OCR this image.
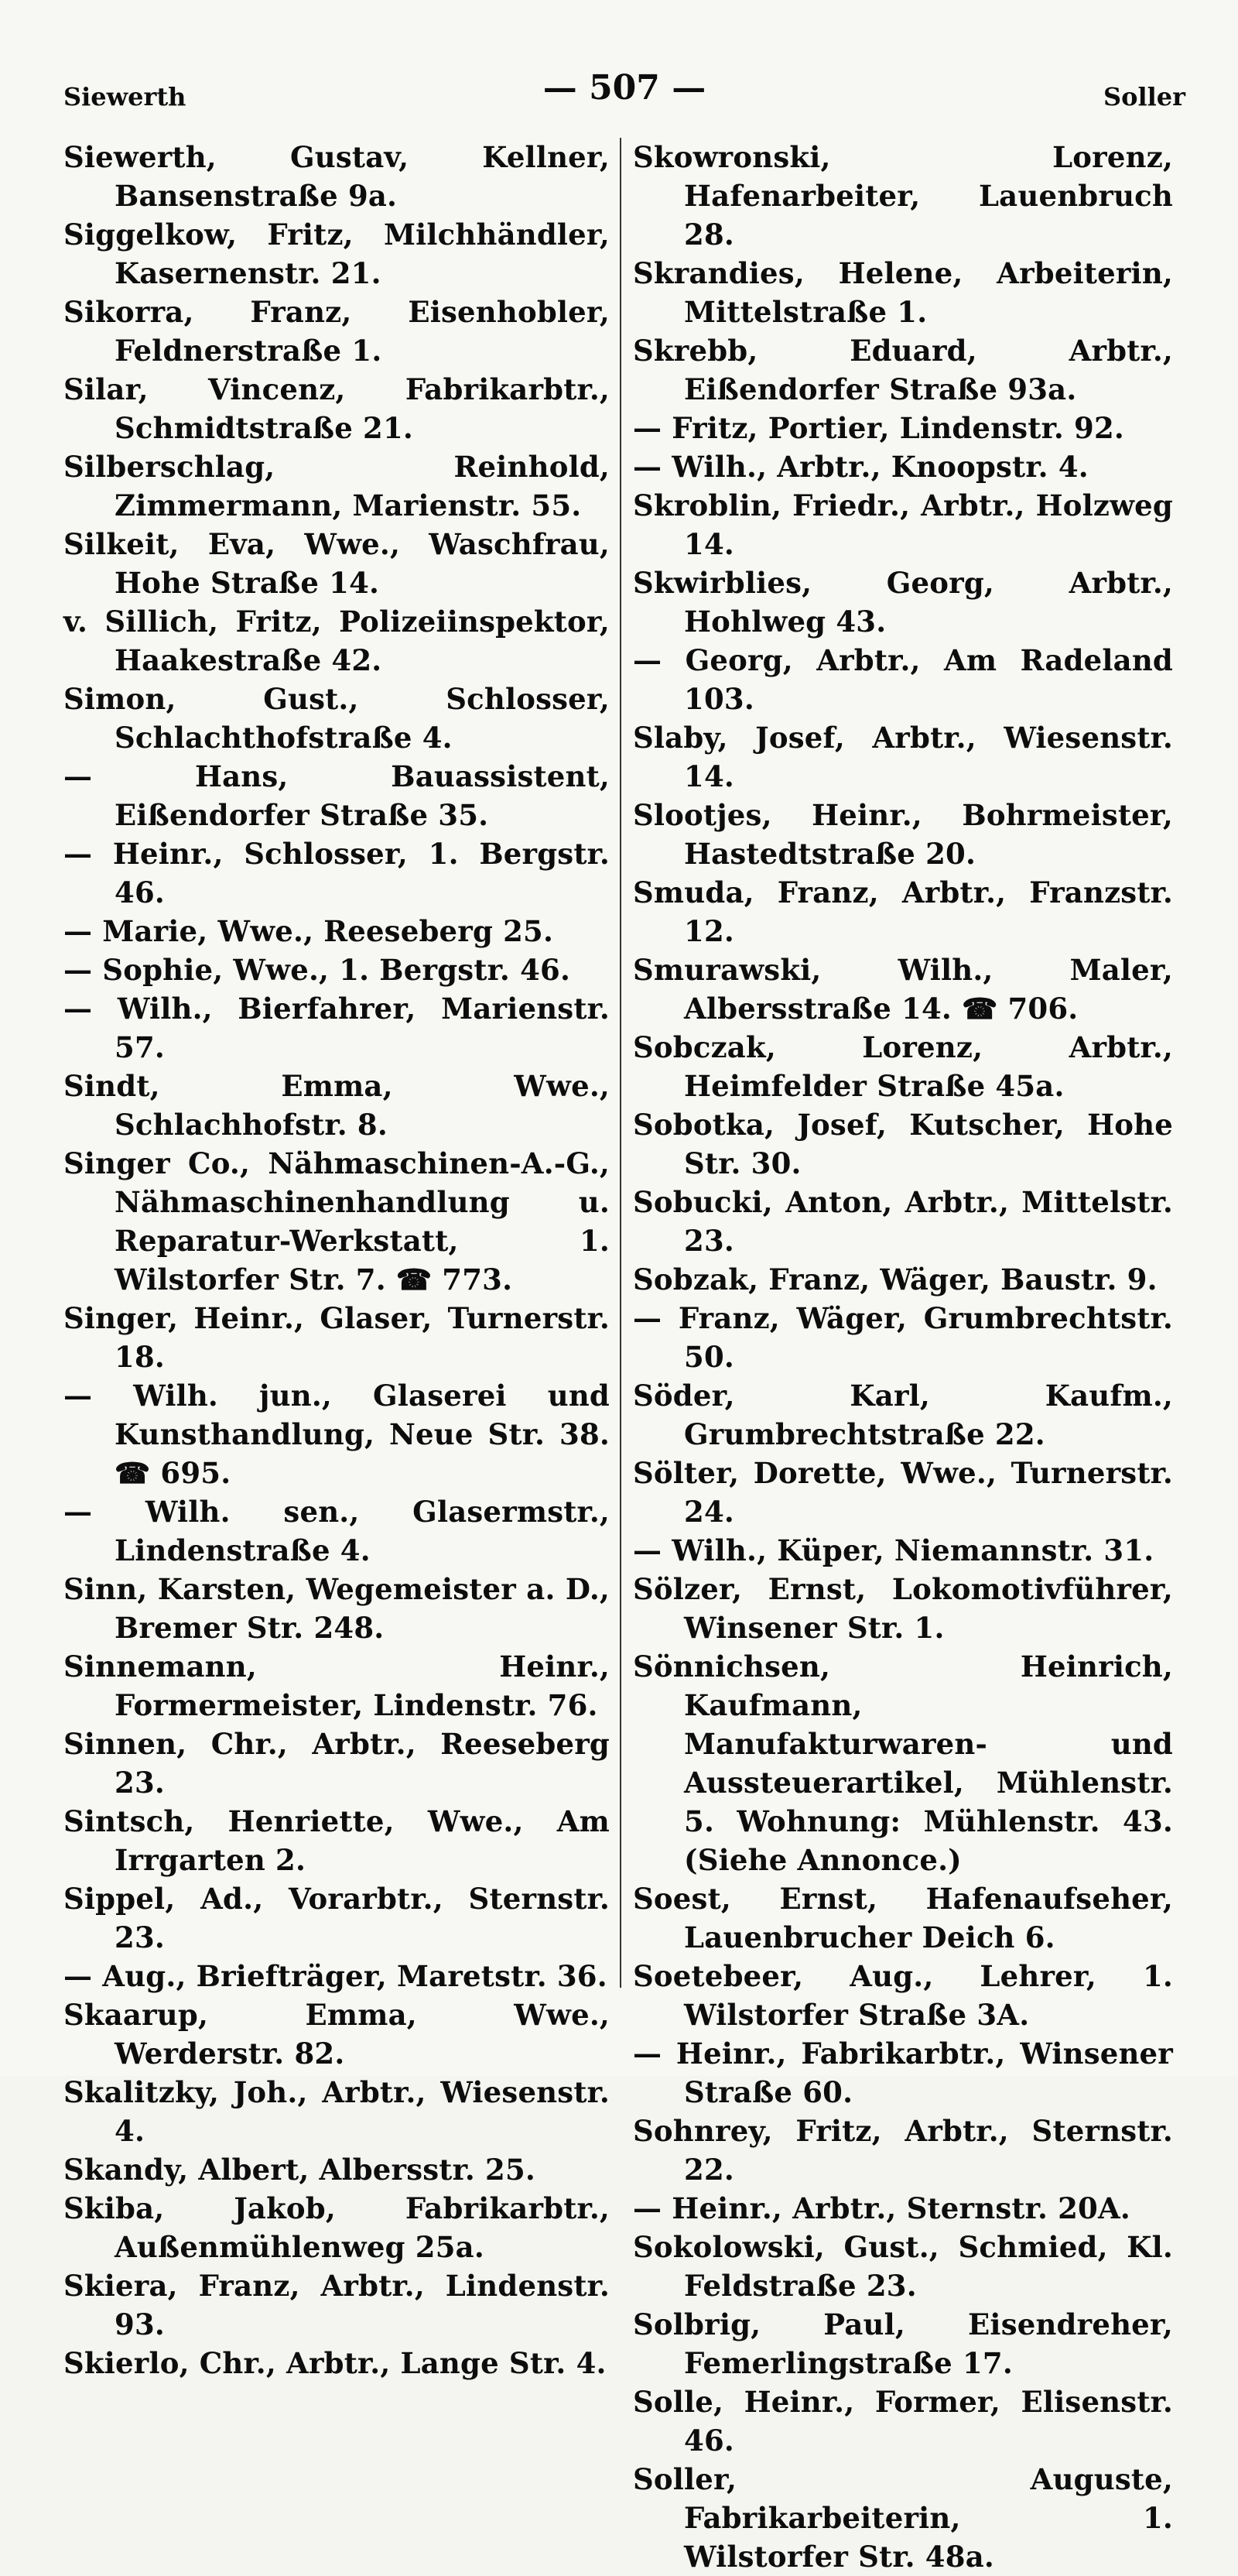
Siewerth	— 507 —	Soller
Siewerth, Gustav, Kellner, Bansenstraße 9a.
Siggelkow, Fritz, Milchhändler, Kasernenstr. 21.
Sikorra, Franz, Eisenhobler, Feldnerstraße 1.
Silar, Vincenz, Fabrikarbtr., Schmidtstraße 21.
Silberschlag, Reinhold, Zimmermann, Marienstr. 55.
Silkeit, Eva, Wwe., Waschfrau, Hohe Straße 14.
v. Sillich, Fritz, Polizeiinspektor, Haakestraße 42.
Simon, Gust., Schlosser, Schlachthofstraße 4.
— Hans, Bauassistent, Eißendorfer Straße 35.
— Heinr., Schlosser, 1. Bergstr. 46.
— Marie, Wwe., Reeseberg 25.
— Sophie, Wwe., 1. Bergstr. 46.
— Wilh., Bierfahrer, Marienstr. 57.
Sindt, Emma, Wwe., Schlachhofstr. 8.
Singer Co., Nähmaschinen-A.-G., Nähmaschinenhandlung u. Reparatur-Werkstatt, 1. Wilstorfer Str. 7. ☎ 773.
Singer, Heinr., Glaser, Turnerstr. 18.
— Wilh. jun., Glaserei und Kunsthandlung, Neue Str. 38. ☎ 695.
— Wilh. sen., Glasermstr., Lindenstraße 4.
Sinn, Karsten, Wegemeister a. D., Bremer Str. 248.
Sinnemann, Heinr., Formermeister, Lindenstr. 76.
Sinnen, Chr., Arbtr., Reeseberg 23.
Sintsch, Henriette, Wwe., Am Irrgarten 2.
Sippel, Ad., Vorarbtr., Sternstr. 23.
— Aug., Briefträger, Maretstr. 36.
Skaarup, Emma, Wwe., Werderstr. 82.
Skalitzky, Joh., Arbtr., Wiesenstr. 4.
Skandy, Albert, Albersstr. 25.
Skiba, Jakob, Fabrikarbtr., Außenmühlenweg 25a.
Skiera, Franz, Arbtr., Lindenstr. 93.
Skierlo, Chr., Arbtr., Lange Str. 4.
Skowronski, Lorenz, Hafenarbeiter, Lauenbruch 28.
Skrandies, Helene, Arbeiterin, Mittelstraße 1.
Skrebb, Eduard, Arbtr., Eißendorfer Straße 93a.
— Fritz, Portier, Lindenstr. 92.
— Wilh., Arbtr., Knoopstr. 4.
Skroblin, Friedr., Arbtr., Holzweg 14.
Skwirblies, Georg, Arbtr., Hohlweg 43.
— Georg, Arbtr., Am Radeland 103.
Slaby, Josef, Arbtr., Wiesenstr. 14.
Slootjes, Heinr., Bohrmeister, Hastedtstraße 20.
Smuda, Franz, Arbtr., Franzstr. 12.
Smurawski, Wilh., Maler, Albersstraße 14. ☎ 706.
Sobczak, Lorenz, Arbtr., Heimfelder Straße 45a.
Sobotka, Josef, Kutscher, Hohe Str. 30.
Sobucki, Anton, Arbtr., Mittelstr. 23.
Sobzak, Franz, Wäger, Baustr. 9.
— Franz, Wäger, Grumbrechtstr. 50.
Söder, Karl, Kaufm., Grumbrechtstraße 22.
Sölter, Dorette, Wwe., Turnerstr. 24.
— Wilh., Küper, Niemannstr. 31.
Sölzer, Ernst, Lokomotivführer, Winsener Str. 1.
Sönnichsen, Heinrich, Kaufmann, Manufakturwaren- und Aussteuerartikel, Mühlenstr. 5. Wohnung: Mühlenstr. 43. (Siehe Annonce.)
Soest, Ernst, Hafenaufseher, Lauenbrucher Deich 6.
Soetebeer, Aug., Lehrer, 1. Wilstorfer Straße 3A.
— Heinr., Fabrikarbtr., Winsener Straße 60.
Sohnrey, Fritz, Arbtr., Sternstr. 22.
— Heinr., Arbtr., Sternstr. 20A.
Sokolowski, Gust., Schmied, Kl. Feldstraße 23.
Solbrig, Paul, Eisendreher, Femerlingstraße 17.
Solle, Heinr., Former, Elisenstr. 46.
Soller, Auguste, Fabrikarbeiterin, 1. Wilstorfer Str. 48a.
